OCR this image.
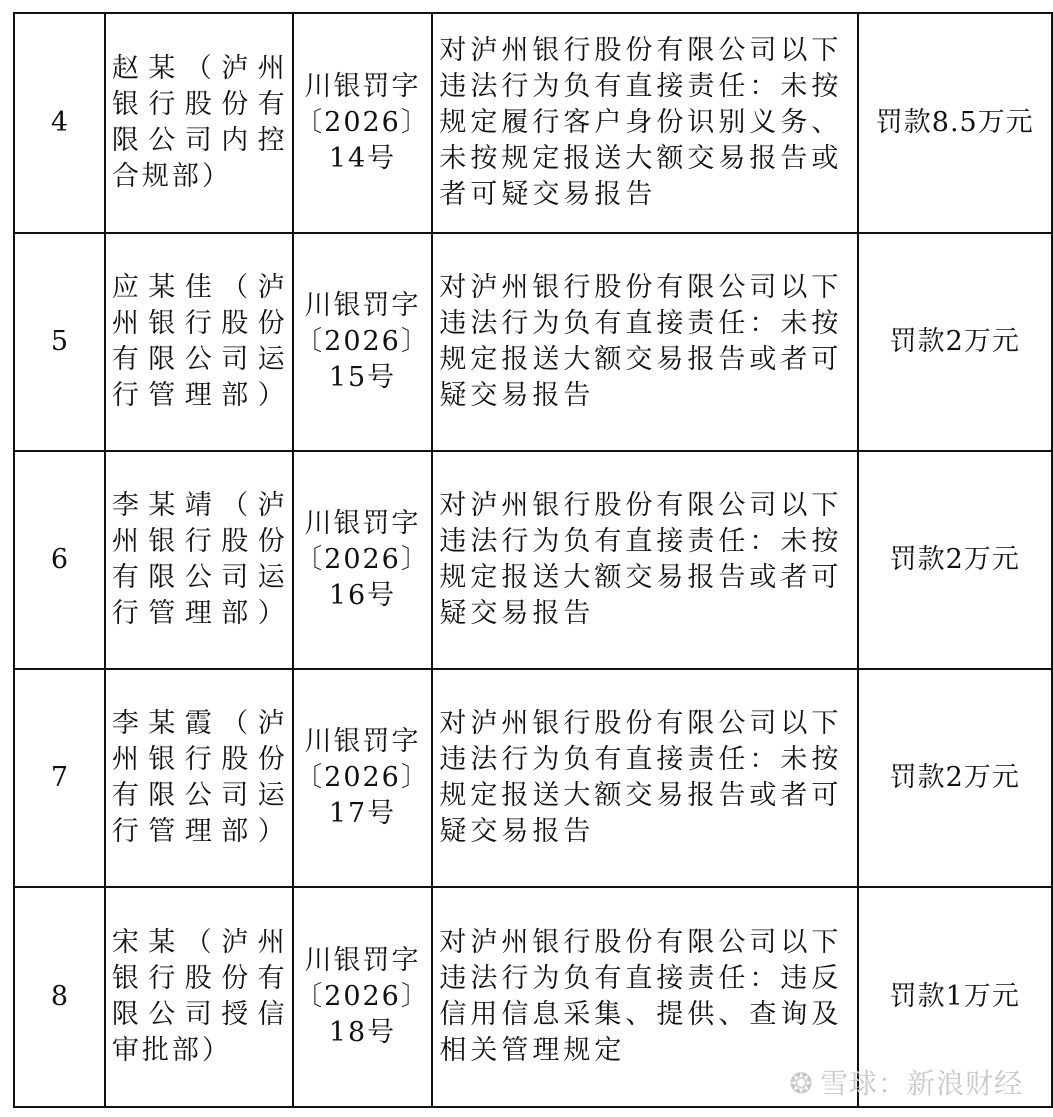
4	赵某（泸州
银行股份有
限公司内控
合规部）	川银罚字
〔2026〕
14号	对泸州银行股份有限公司以下
违法行为负有直接责任：未按
规定履行客户身份识别义务、
未按规定报送大额交易报告或
者可疑交易报告	罚款8.5万元
5	应某佳（泸
州银行股份
有限公司运
行管理部）	川银罚字
〔2026〕
15号	对泸州银行股份有限公司以下
违法行为负有直接责任：未按
规定报送大额交易报告或者可
疑交易报告	罚款2万元
6	李某靖（泸
州银行股份
有限公司运
行管理部）	川银罚字
〔2026〕
16号	对泸州银行股份有限公司以下
违法行为负有直接责任：未按
规定报送大额交易报告或者可
疑交易报告	罚款2万元
7	李某霞（泸
州银行股份
有限公司运
行管理部）	川银罚字
〔2026〕
17号	对泸州银行股份有限公司以下
违法行为负有直接责任：未按
规定报送大额交易报告或者可
疑交易报告	罚款2万元
8	宋某（泸州
银行股份有
限公司授信
审批部）	川银罚字
〔2026〕
18号	对泸州银行股份有限公司以下
违法行为负有直接责任：违反
信用信息采集、提供、查询及
相关管理规定	罚款1万元
❂ 雪球：新浪财经
